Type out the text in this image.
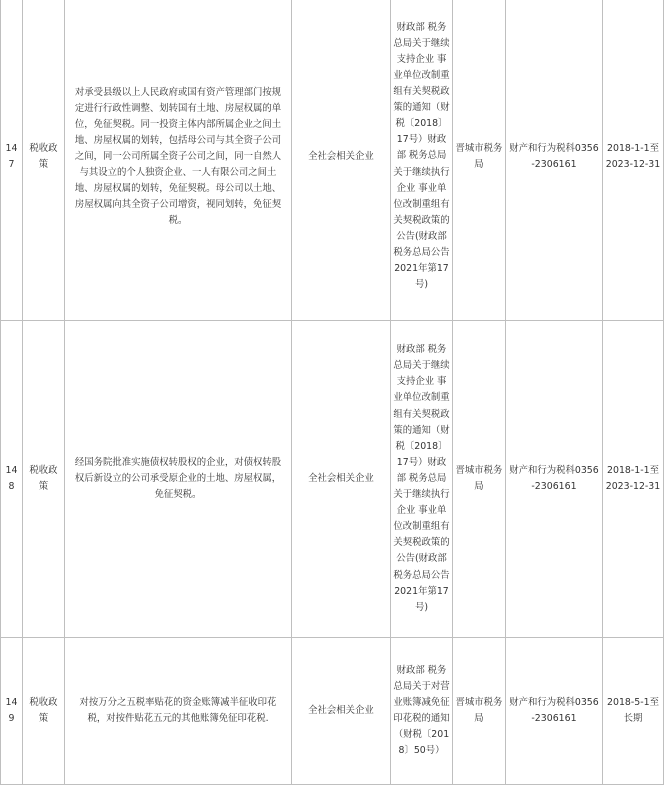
147	税收政策	对承受县级以上人民政府或国有资产管理部门按规定进行行政性调整、划转国有土地、房屋权属的单位，免征契税。同一投资主体内部所属企业之间土地、房屋权属的划转，包括母公司与其全资子公司之间，同一公司所属全资子公司之间，同一自然人与其设立的个人独资企业、一人有限公司之间土地、房屋权属的划转，免征契税。母公司以土地、房屋权属向其全资子公司增资，视同划转，免征契税。	全社会相关企业	财政部 税务总局关于继续支持企业 事业单位改制重组有关契税政策的通知（财税〔2018〕17号）财政部 税务总局关于继续执行企业 事业单位改制重组有关契税政策的公告(财政部 税务总局公告2021年第17号)	晋城市税务局	财产和行为税科0356-2306161	2018-1-1至2023-12-31
148	税收政策	经国务院批准实施债权转股权的企业，对债权转股权后新设立的公司承受原企业的土地、房屋权属，免征契税。	全社会相关企业	财政部 税务总局关于继续支持企业 事业单位改制重组有关契税政策的通知（财税〔2018〕17号）财政部 税务总局关于继续执行企业 事业单位改制重组有关契税政策的公告(财政部 税务总局公告2021年第17号)	晋城市税务局	财产和行为税科0356-2306161	2018-1-1至2023-12-31
149	税收政策	对按万分之五税率贴花的资金账簿减半征收印花税，对按件贴花五元的其他账簿免征印花税.	全社会相关企业	财政部 税务总局关于对营业账簿减免征印花税的通知（财税〔2018〕50号）	晋城市税务局	财产和行为税科0356-2306161	2018-5-1至长期
